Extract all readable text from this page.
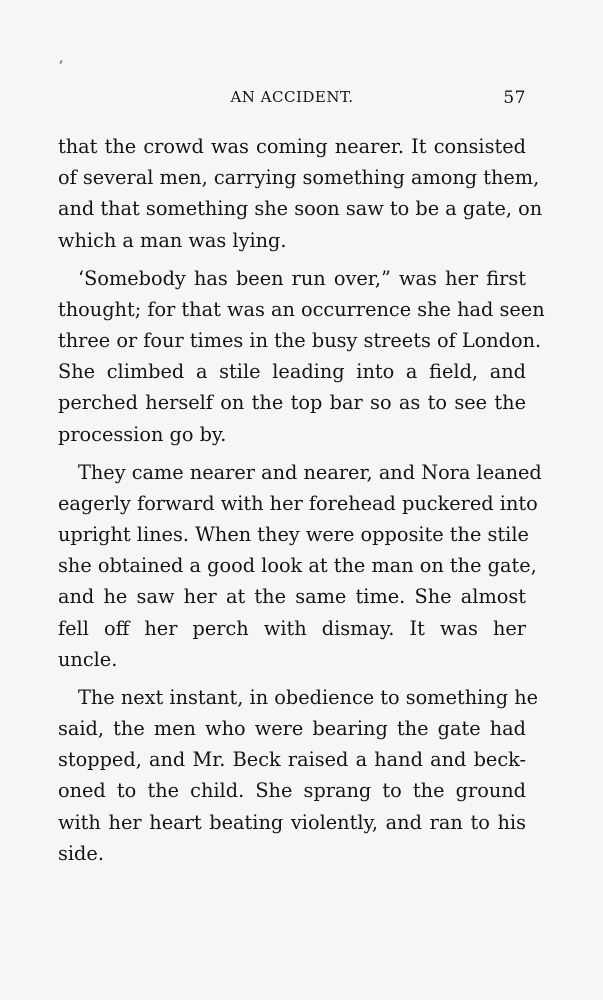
AN ACCIDENT.	57

that the crowd was coming nearer. It consisted
of several men, carrying something among them,
and that something she soon saw to be a gate, on
which a man was lying.

‘Somebody has been run over,” was her first
thought; for that was an occurrence she had seen
three or four times in the busy streets of London.
She climbed a stile leading into a field, and
perched herself on the top bar so as to see the
procession go by.

They came nearer and nearer, and Nora leaned
eagerly forward with her forehead puckered into
upright lines. When they were opposite the stile
she obtained a good look at the man on the gate,
and he saw her at the same time. She almost
fell off her perch with dismay. It was her
uncle.

The next instant, in obedience to something he
said, the men who were bearing the gate had
stopped, and Mr. Beck raised a hand and beck-
oned to the child. She sprang to the ground
with her heart beating violently, and ran to his
side.
